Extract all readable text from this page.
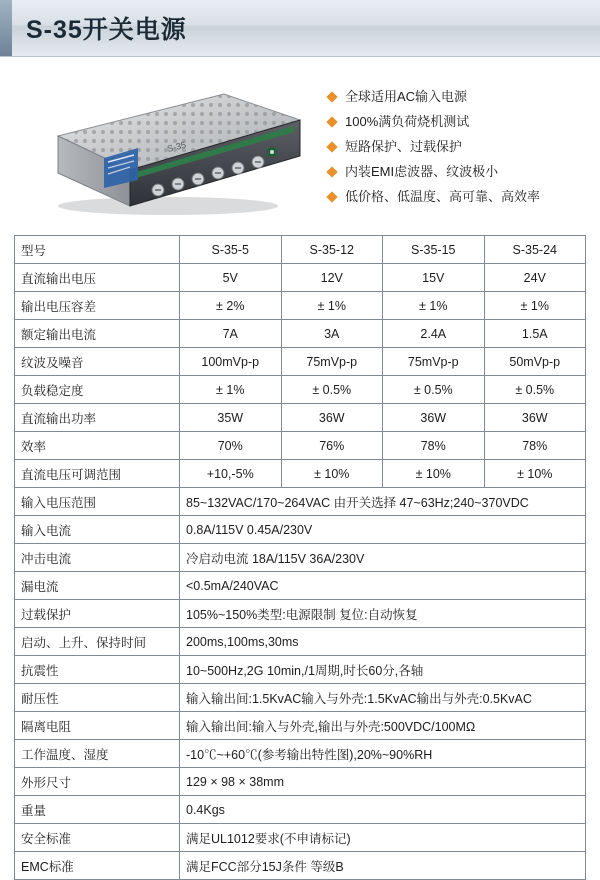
S-35开关电源
S-35
全球适用AC输入电源
100%满负荷烧机测试
短路保护、过载保护
内装EMI虑波器、纹波极小
低价格、低温度、高可靠、高效率
型号	S-35-5	S-35-12	S-35-15	S-35-24
直流输出电压	5V	12V	15V	24V
输出电压容差	± 2%	± 1%	± 1%	± 1%
额定输出电流	7A	3A	2.4A	1.5A
纹波及噪音	100mVp-p	75mVp-p	75mVp-p	50mVp-p
负载稳定度	± 1%	± 0.5%	± 0.5%	± 0.5%
直流输出功率	35W	36W	36W	36W
效率	70%	76%	78%	78%
直流电压可调范围	+10,-5%	± 10%	± 10%	± 10%
输入电压范围	85~132VAC/170~264VAC 由开关选择 47~63Hz;240~370VDC			
输入电流	0.8A/115V 0.45A/230V			
冲击电流	冷启动电流 18A/115V 36A/230V			
漏电流	<0.5mA/240VAC			
过载保护	105%~150%类型:电源限制 复位:自动恢复			
启动、上升、保持时间	200ms,100ms,30ms			
抗震性	10~500Hz,2G 10min,/1周期,时长60分,各轴			
耐压性	输入输出间:1.5KvAC输入与外壳:1.5KvAC输出与外壳:0.5KvAC			
隔离电阻	输入输出间:输入与外壳,输出与外壳:500VDC/100MΩ			
工作温度、湿度	-10℃~+60℃(参考输出特性图),20%~90%RH			
外形尺寸	129 × 98 × 38mm			
重量	0.4Kgs			
安全标准	满足UL1012要求(不申请标记)			
EMC标准	满足FCC部分15J条件 等级B			
